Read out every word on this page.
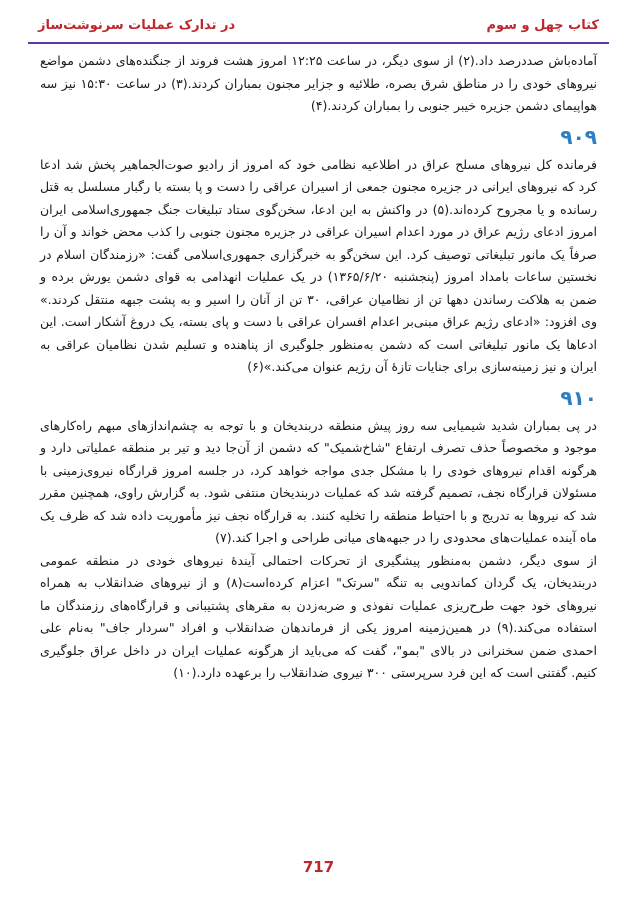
کتاب چهل و سوم
در تدارک عملیات سرنوشت‌ساز

آماده‌باش صددرصد داد.(۲) از سوی دیگر، در ساعت ۱۲:۲۵ امروز هشت فروند از جنگنده‌های دشمن مواضع نیروهای خودی را در مناطق شرق بصره، طلائیه و جزایر مجنون بمباران کردند.(۳) در ساعت ۱۵:۳۰ نیز سه هواپیمای دشمن جزیره خیبر جنوبی را بمباران کردند.(۴)

۹۰۹

فرمانده کل نیروهای مسلح عراق در اطلاعیه نظامی خود که امروز از رادیو صوت‌الجماهیر پخش شد ادعا کرد که نیروهای ایرانی در جزیره مجنون جمعی از اسیران عراقی را دست و پا بسته با رگبار مسلسل به قتل رسانده و یا مجروح کرده‌اند.(۵) در واکنش به این ادعا، سخن‌گوی ستاد تبلیغات جنگ جمهوری‌اسلامی ایران امروز ادعای رژیم عراق در مورد اعدام اسیران عراقی در جزیره مجنون جنوبی را کذب محض خواند و آن را صرفاً یک مانور تبلیغاتی توصیف کرد. این سخن‌گو به خبرگزاری جمهوری‌اسلامی گفت: «رزمندگان اسلام در نخستین ساعات بامداد امروز (پنجشنبه ۱۳۶۵/۶/۲۰) در یک عملیات انهدامی به قوای دشمن یورش برده و ضمن به هلاکت رساندن دهها تن از نظامیان عراقی، ۳۰ تن از آنان را اسیر و به پشت جبهه منتقل کردند.» وی افزود: «ادعای رژیم عراق مبنی‌بر اعدام افسران عراقی با دست و پای بسته، یک دروغ آشکار است. این ادعاها یک مانور تبلیغاتی است که دشمن به‌منظور جلوگیری از پناهنده و تسلیم شدن نظامیان عراقی به ایران و نیز زمینه‌سازی برای جنایات تازهٔ آن رژیم عنوان می‌کند.»(۶)

۹۱۰

در پی بمباران شدید شیمیایی سه روز پیش منطقه دربندیخان و با توجه به چشم‌اندازهای مبهم راه‌کارهای موجود و مخصوصاً حذف تصرف ارتفاع "شاخ‌شمیک" که دشمن از آن‌جا دید و تیر بر منطقه عملیاتی دارد و هرگونه اقدام نیروهای خودی را با مشکل جدی مواجه خواهد کرد، در جلسه امروز قرارگاه نیروی‌زمینی با مسئولان قرارگاه نجف، تصمیم گرفته شد که عملیات دربندیخان منتفی شود. به گزارش راوی، همچنین مقرر شد که نیروها به تدریج و با احتیاط منطقه را تخلیه کنند. به قرارگاه نجف نیز مأموریت داده شد که ظرف یک ماه آینده عملیات‌های محدودی را در جبهه‌های میانی طراحی و اجرا کند.(۷)

از سوی دیگر، دشمن به‌منظور پیشگیری از تحرکات احتمالی آیندهٔ نیروهای خودی در منطقه عمومی دربندیخان، یک گردان کماندویی به تنگه "سرتک" اعزام کرده‌است(۸) و از نیروهای ضدانقلاب به همراه نیروهای خود جهت طرح‌ریزی عملیات نفوذی و ضربه‌زدن به مقرهای پشتیبانی و قرارگاه‌های رزمندگان ما استفاده می‌کند.(۹) در همین‌زمینه امروز یکی از فرماندهان ضدانقلاب و افراد "سردار جاف" به‌نام علی احمدی ضمن سخنرانی در بالای "بمو"، گفت که می‌باید از هرگونه عملیات ایران در داخل عراق جلوگیری کنیم. گفتنی است که این فرد سرپرستی ۳۰۰ نیروی ضدانقلاب را برعهده دارد.(۱۰)

717
